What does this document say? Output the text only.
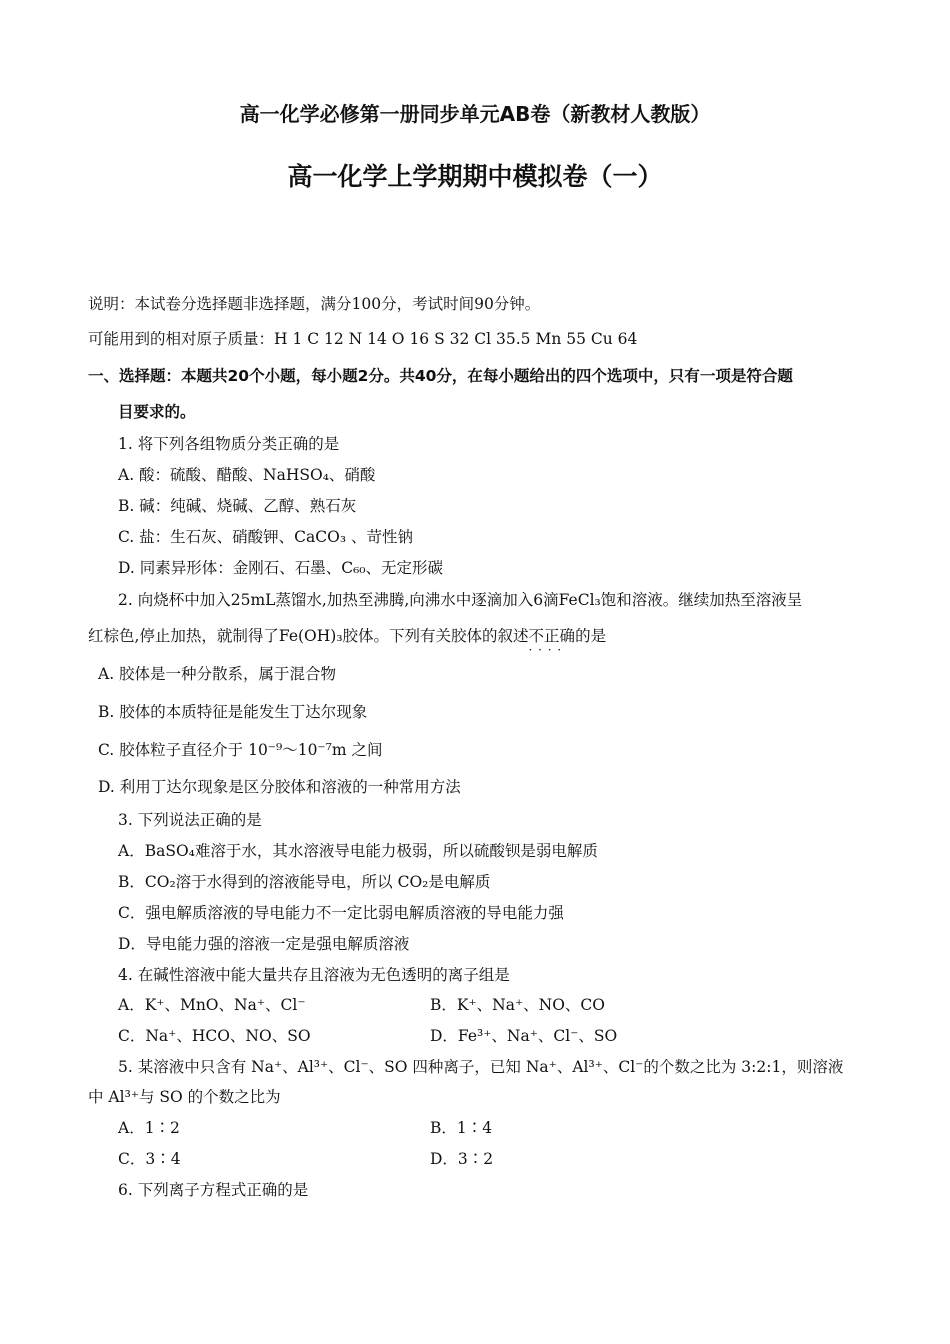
高一化学必修第一册同步单元AB卷（新教材人教版）
高一化学上学期期中模拟卷（一）
说明：本试卷分选择题非选择题，满分100分，考试时间90分钟。
可能用到的相对原子质量：H 1 C 12 N 14 O 16 S 32 Cl 35.5 Mn 55 Cu 64
一、选择题：本题共20个小题，每小题2分。共40分，在每小题给出的四个选项中，只有一项是符合题
目要求的。
1. 将下列各组物质分类正确的是
A. 酸：硫酸、醋酸、NaHSO₄、硝酸
B. 碱：纯碱、烧碱、乙醇、熟石灰
C. 盐：生石灰、硝酸钾、CaCO₃ 、苛性钠
D. 同素异形体：金刚石、石墨、C₆₀、无定形碳
2. 向烧杯中加入25mL蒸馏水,加热至沸腾,向沸水中逐滴加入6滴FeCl₃饱和溶液。继续加热至溶液呈
红棕色,停止加热，就制得了Fe(OH)₃胶体。下列有关胶体的叙述不正确 · · · ·的是
A. 胶体是一种分散系，属于混合物
B. 胶体的本质特征是能发生丁达尔现象
C. 胶体粒子直径介于 10⁻⁹～10⁻⁷m 之间
D. 利用丁达尔现象是区分胶体和溶液的一种常用方法
3. 下列说法正确的是
A．BaSO₄难溶于水，其水溶液导电能力极弱，所以硫酸钡是弱电解质
B．CO₂溶于水得到的溶液能导电，所以 CO₂是电解质
C．强电解质溶液的导电能力不一定比弱电解质溶液的导电能力强
D．导电能力强的溶液一定是强电解质溶液
4. 在碱性溶液中能大量共存且溶液为无色透明的离子组是
A．K⁺、MnO、Na⁺、Cl⁻	B．K⁺、Na⁺、NO、CO
C．Na⁺、HCO、NO、SO	D．Fe³⁺、Na⁺、Cl⁻、SO
5. 某溶液中只含有 Na⁺、Al³⁺、Cl⁻、SO 四种离子，已知 Na⁺、Al³⁺、Cl⁻的个数之比为 3:2:1，则溶液
中 Al³⁺与 SO 的个数之比为
A．1∶2	B．1∶4
C．3∶4	D．3∶2
6. 下列离子方程式正确的是
